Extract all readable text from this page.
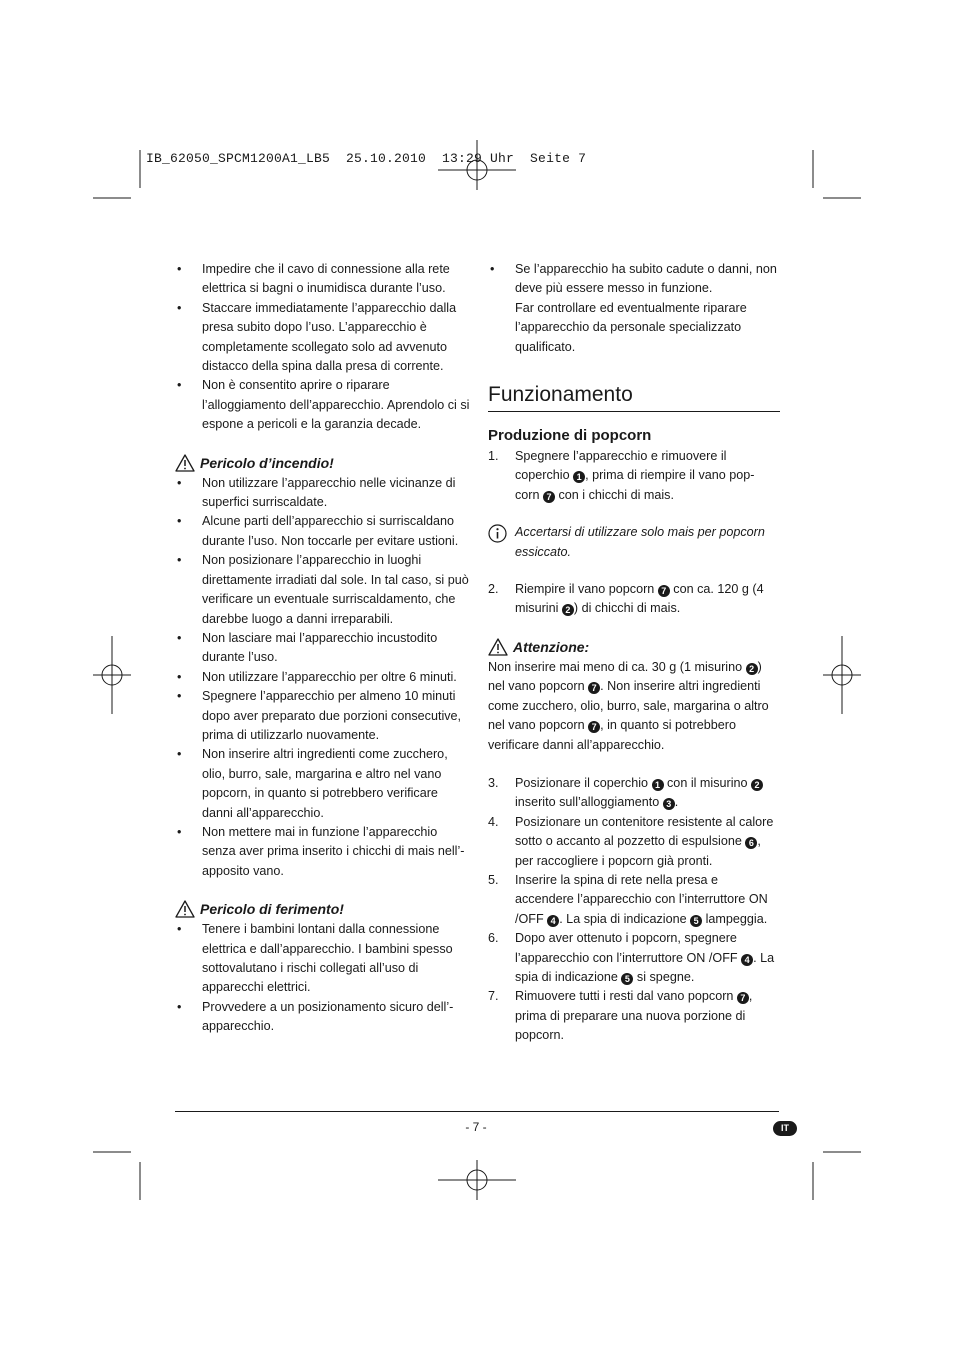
IB_62050_SPCM1200A1_LB5  25.10.2010  13:29 Uhr  Seite 7
• Impedire che il cavo di connessione alla rete elettrica si bagni o inumidisca durante l’uso.
• Staccare immediatamente l’apparecchio dalla presa subito dopo l’uso. L’apparecchio è completamente scollegato solo ad avvenuto distacco della spina dalla presa di corrente.
• Non è consentito aprire o riparare l’alloggiamento dell’apparecchio. Aprendolo ci si espone a pericoli e la garanzia decade.
Pericolo d’incendio!
• Non utilizzare l’apparecchio nelle vicinanze di superfici surriscaldate.
• Alcune parti dell’apparecchio si surriscaldano durante l’uso. Non toccarle per evitare ustioni.
• Non posizionare l’apparecchio in luoghi direttamente irradiati dal sole. In tal caso, si può verificare un eventuale surriscaldamento, che darebbe luogo a danni irreparabili.
• Non lasciare mai l’apparecchio incustodito durante l’uso.
• Non utilizzare l’apparecchio per oltre 6 minuti.
• Spegnere l’apparecchio per almeno 10 minuti dopo aver preparato due porzioni consecutive, prima di utilizzarlo nuovamente.
• Non inserire altri ingredienti come zucchero, olio, burro, sale, margarina e altro nel vano popcorn, in quanto si potrebbero verificare danni all’apparecchio.
• Non mettere mai in funzione l’apparecchio senza aver prima inserito i chicchi di mais nell’- apposito vano.
Pericolo di ferimento!
• Tenere i bambini lontani dalla connessione elettrica e dall’apparecchio. I bambini spesso sottovalutano i rischi collegati all’uso di apparecchi elettrici.
• Provvedere a un posizionamento sicuro dell’- apparecchio.
• Se l’apparecchio ha subito cadute o danni, non deve più essere messo in funzione.
Far controllare ed eventualmente riparare l’apparecchio da personale specializzato qualificato.
Funzionamento
Produzione di popcorn
1. Spegnere l’apparecchio e rimuovere il coperchio 1 , prima di riempire il vano pop- corn 7 con i chicchi di mais.
Accertarsi di utilizzare solo mais per popcorn essiccato.
2. Riempire il vano popcorn 7 con ca. 120 g (4 misurini 2 ) di chicchi di mais.
Attenzione:
Non inserire mai meno di ca. 30 g (1 misurino 2 ) nel vano popcorn 7 . Non inserire altri ingredienti come zucchero, olio, burro, sale, margarina o altro nel vano popcorn 7 , in quanto si potrebbero verificare danni all’apparecchio.
3. Posizionare il coperchio 1 con il misurino 2 inserito sull’alloggiamento 3 .
4. Posizionare un contenitore resistente al calore sotto o accanto al pozzetto di espulsione 6 , per raccogliere i popcorn già pronti.
5. Inserire la spina di rete nella presa e accendere l’apparecchio con l’interruttore ON /OFF 4 . La spia di indicazione 5 lampeggia.
6. Dopo aver ottenuto i popcorn, spegnere l’apparecchio con l’interruttore ON /OFF 4 . La spia di indicazione 5 si spegne.
7. Rimuovere tutti i resti dal vano popcorn 7 , prima di preparare una nuova porzione di popcorn.
- 7 -	IT
